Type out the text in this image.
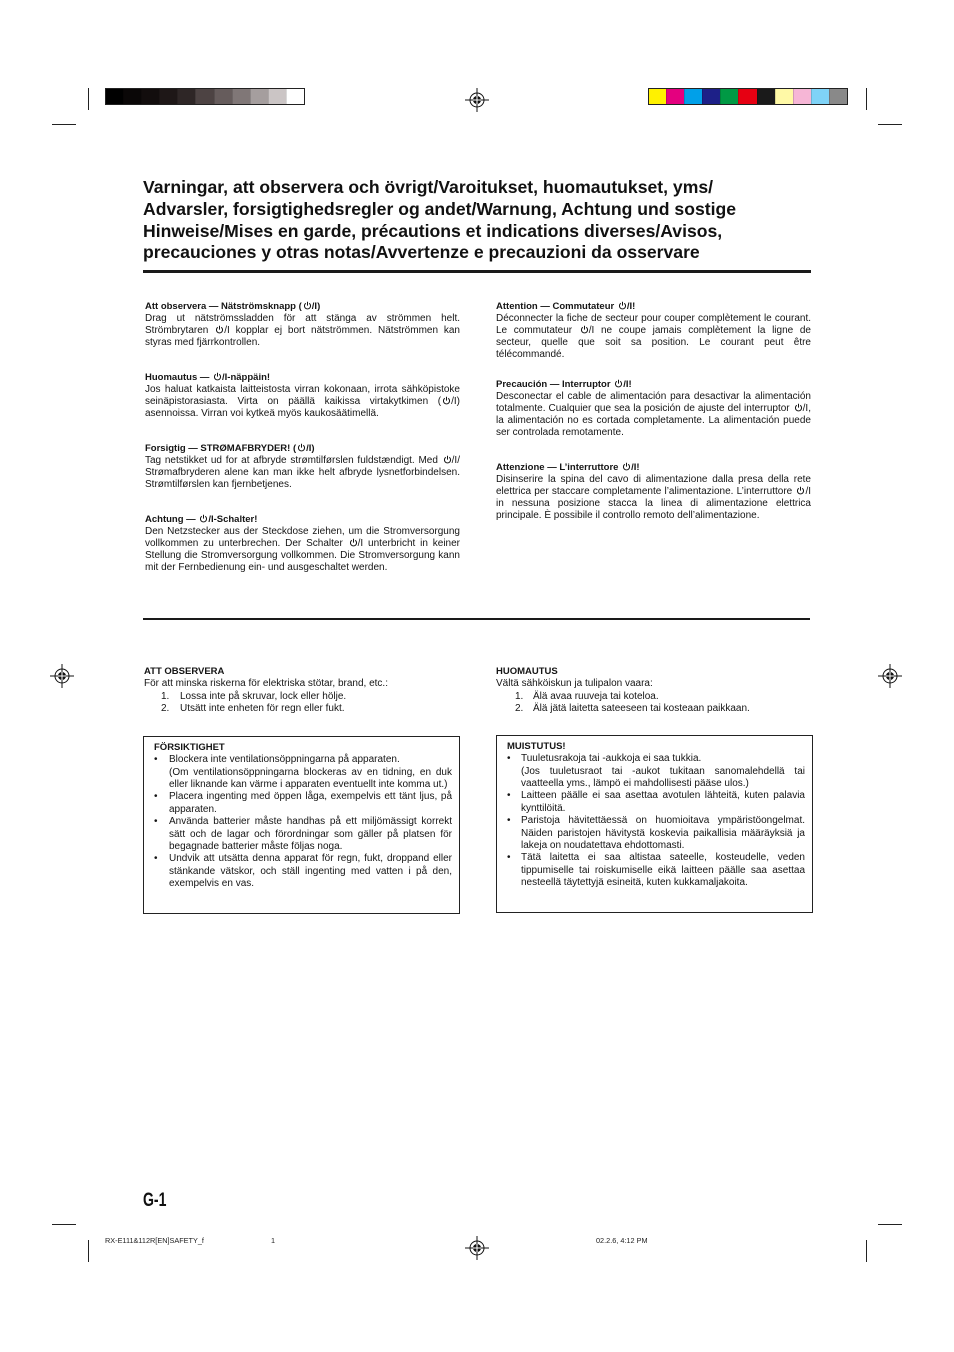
Varningar, att observera och övrigt/Varoitukset, huomautukset, yms/
Advarsler, forsigtighedsregler og andet/Warnung, Achtung und sostige
Hinweise/Mises en garde, précautions et indications diverses/Avisos,
precauciones y otras notas/Avvertenze e precauzioni da osservare
Att observera — Nätströmsknapp ( /I)
Drag ut nätströmssladden för att stänga av strömmen helt. Strömbrytaren /I kopplar ej bort nätströmmen. Nätströmmen kan styras med fjärrkontrollen.
Huomautus — /I-näppäin!
Jos haluat katkaista laitteistosta virran kokonaan, irrota sähköpistoke seinäpistorasiasta. Virta on päällä kaikissa virtakytkimen ( /I) asennoissa. Virran voi kytkeä myös kaukosäätimellä.
Forsigtig — STRØMAFBRYDER! ( /I)
Tag netstikket ud for at afbryde strømtilførslen fuldstændigt. Med /I/ Strømafbryderen alene kan man ikke helt afbryde lysnetforbindelsen. Strømtilførslen kan fjernbetjenes.
Achtung — /I-Schalter!
Den Netzstecker aus der Steckdose ziehen, um die Stromversorgung vollkommen zu unterbrechen. Der Schalter /I unterbricht in keiner Stellung die Stromversorgung vollkommen. Die Stromversorgung kann mit der Fernbedienung ein- und ausgeschaltet werden.
Attention — Commutateur /I!
Déconnecter la fiche de secteur pour couper complètement le courant. Le commutateur /I ne coupe jamais complètement la ligne de secteur, quelle que soit sa position. Le courant peut être télécommandé.
Precaución — Interruptor /I!
Desconectar el cable de alimentación para desactivar la alimentación totalmente. Cualquier que sea la posición de ajuste del interruptor /I, la alimentación no es cortada completamente. La alimentación puede ser controlada remotamente.
Attenzione — L’interruttore /I!
Disinserire la spina del cavo di alimentazione dalla presa della rete elettrica per staccare completamente l’alimentazione. L’interruttore /I in nessuna posizione stacca la linea di alimentazione elettrica principale. È possibile il controllo remoto dell’alimentazione.
ATT OBSERVERA
För att minska riskerna för elektriska stötar, brand, etc.:
1. Lossa inte på skruvar, lock eller hölje.
2. Utsätt inte enheten för regn eller fukt.
HUOMAUTUS
Vältä sähköiskun ja tulipalon vaara:
1. Älä avaa ruuveja tai koteloa.
2. Älä jätä laitetta sateeseen tai kosteaan paikkaan.
FÖRSIKTIGHET
•	Blockera inte ventilationsöppningarna på apparaten.
(Om ventilationsöppningarna blockeras av en tidning, en duk eller liknande kan värme i apparaten eventuellt inte komma ut.)
•	Placera ingenting med öppen låga, exempelvis ett tänt ljus, på apparaten.
•	Använda batterier måste handhas på ett miljömässigt korrekt sätt och de lagar och förordningar som gäller på platsen för begagnade batterier måste följas noga.
•	Undvik att utsätta denna apparat för regn, fukt, droppand eller stänkande vätskor, och ställ ingenting med vatten i på den, exempelvis en vas.
MUISTUTUS!
•	Tuuletusrakoja tai -aukkoja ei saa tukkia.
(Jos tuuletusraot tai -aukot tukitaan sanomalehdellä tai vaatteella yms., lämpö ei mahdollisesti pääse ulos.)
•	Laitteen päälle ei saa asettaa avotulen lähteitä, kuten palavia kynttilöitä.
•	Paristoja hävitettäessä on huomioitava ympäristöongelmat. Näiden paristojen hävitystä koskevia paikallisia määräyksiä ja lakeja on noudatettava ehdottomasti.
•	Tätä laitetta ei saa altistaa sateelle, kosteudelle, veden tippumiselle tai roiskumiselle eikä laitteen päälle saa asettaa nesteellä täytettyjä esineitä, kuten kukkamaljakoita.
G-1
RX-E111&112R[EN]SAFETY_f	1	02.2.6, 4:12 PM
